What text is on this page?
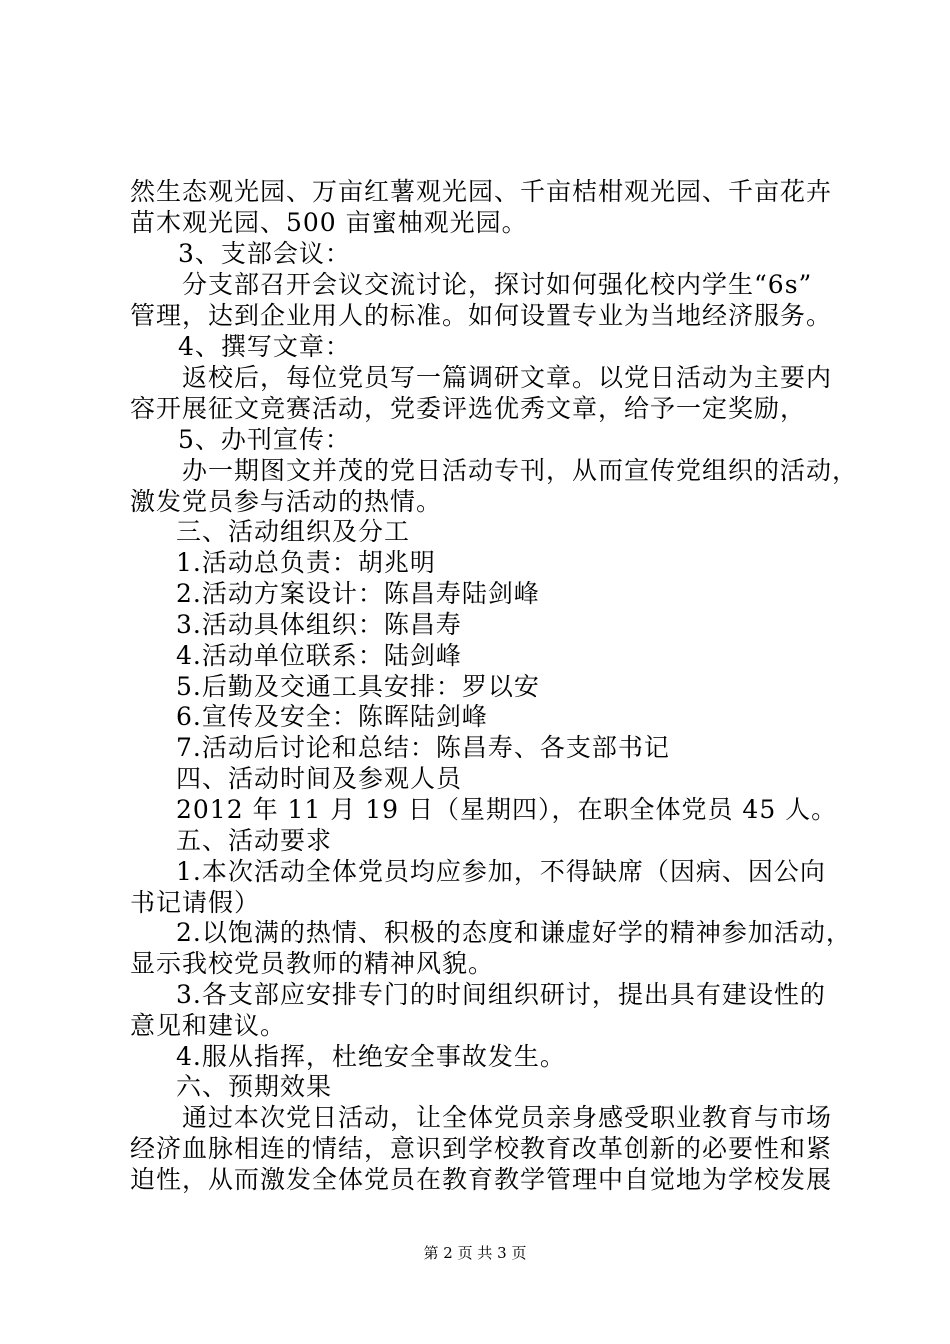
然生态观光园、万亩红薯观光园、千亩桔柑观光园、千亩花卉
苗木观光园、500 亩蜜柚观光园。
3、支部会议：
分支部召开会议交流讨论，探讨如何强化校内学生“6s”
管理，达到企业用人的标准。如何设置专业为当地经济服务。
4、撰写文章：
返校后，每位党员写一篇调研文章。以党日活动为主要内
容开展征文竞赛活动，党委评选优秀文章，给予一定奖励，
5、办刊宣传：
办一期图文并茂的党日活动专刊，从而宣传党组织的活动，
激发党员参与活动的热情。
三、活动组织及分工
1.活动总负责：胡兆明
2.活动方案设计：陈昌寿陆剑峰
3.活动具体组织：陈昌寿
4.活动单位联系：陆剑峰
5.后勤及交通工具安排：罗以安
6.宣传及安全：陈晖陆剑峰
7.活动后讨论和总结：陈昌寿、各支部书记
四、活动时间及参观人员
2012 年 11 月 19 日（星期四），在职全体党员 45 人。
五、活动要求
1.本次活动全体党员均应参加，不得缺席（因病、因公向
书记请假）
2.以饱满的热情、积极的态度和谦虚好学的精神参加活动，
显示我校党员教师的精神风貌。
3.各支部应安排专门的时间组织研讨，提出具有建设性的
意见和建议。
4.服从指挥，杜绝安全事故发生。
六、预期效果
通过本次党日活动，让全体党员亲身感受职业教育与市场
经济血脉相连的情结，意识到学校教育改革创新的必要性和紧
迫性，从而激发全体党员在教育教学管理中自觉地为学校发展
第 2 页 共 3 页
